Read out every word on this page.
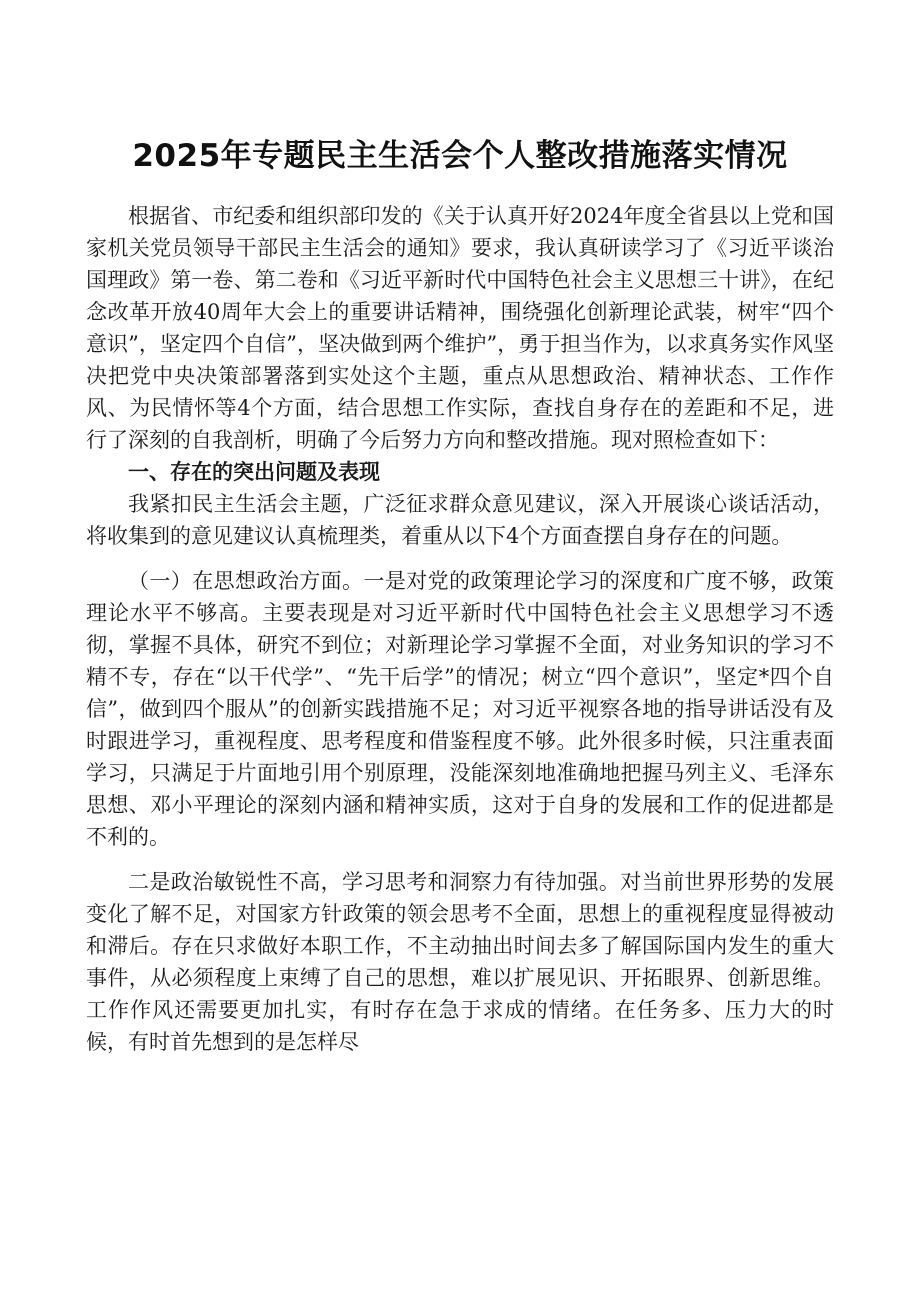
2025年专题民主生活会个人整改措施落实情况

根据省、市纪委和组织部印发的《关于认真开好2024年度全省县以上党和国家机关党员领导干部民主生活会的通知》要求，我认真研读学习了《习近平谈治国理政》第一卷、第二卷和《习近平新时代中国特色社会主义思想三十讲》，在纪念改革开放40周年大会上的重要讲话精神，围绕强化创新理论武装，树牢“四个意识”，坚定四个自信”，坚决做到两个维护”，勇于担当作为，以求真务实作风坚决把党中央决策部署落到实处这个主题，重点从思想政治、精神状态、工作作风、为民情怀等4个方面，结合思想工作实际，查找自身存在的差距和不足，进行了深刻的自我剖析，明确了今后努力方向和整改措施。现对照检查如下：

一、存在的突出问题及表现

我紧扣民主生活会主题，广泛征求群众意见建议，深入开展谈心谈话活动，将收集到的意见建议认真梳理类，着重从以下4个方面查摆自身存在的问题。

（一）在思想政治方面。一是对党的政策理论学习的深度和广度不够，政策理论水平不够高。主要表现是对习近平新时代中国特色社会主义思想学习不透彻，掌握不具体，研究不到位；对新理论学习掌握不全面，对业务知识的学习不精不专，存在“以干代学”、“先干后学”的情况；树立“四个意识”，坚定*四个自信”，做到四个服从”的创新实践措施不足；对习近平视察各地的指导讲话没有及时跟进学习，重视程度、思考程度和借鉴程度不够。此外很多时候，只注重表面学习，只满足于片面地引用个别原理，没能深刻地准确地把握马列主义、毛泽东思想、邓小平理论的深刻内涵和精神实质，这对于自身的发展和工作的促进都是不利的。

二是政治敏锐性不高，学习思考和洞察力有待加强。对当前世界形势的发展变化了解不足，对国家方针政策的领会思考不全面，思想上的重视程度显得被动和滞后。存在只求做好本职工作，不主动抽出时间去多了解国际国内发生的重大事件，从必须程度上束缚了自己的思想，难以扩展见识、开拓眼界、创新思维。工作作风还需要更加扎实，有时存在急于求成的情绪。在任务多、压力大的时候，有时首先想到的是怎样尽
